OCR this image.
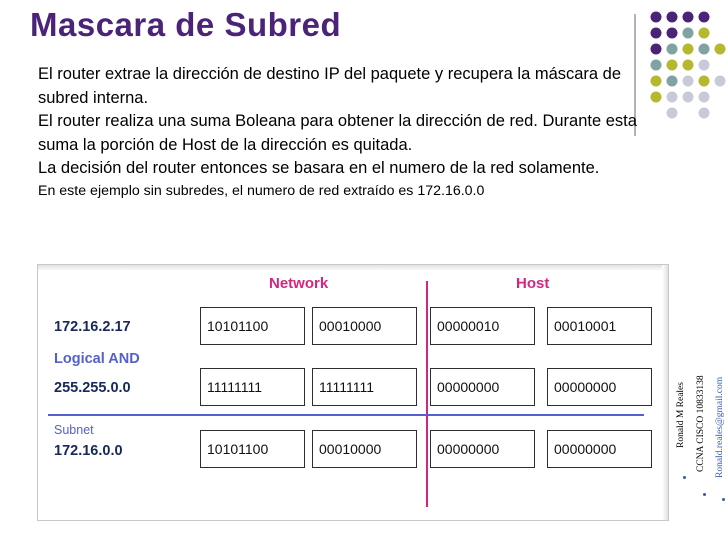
Mascara de Subred

El router extrae la dirección de destino IP del paquete y recupera la máscara de subred interna.

El router realiza una suma Boleana para obtener la dirección de red. Durante esta suma la porción de Host de la dirección es quitada.

La decisión del router entonces se basara en el numero de la red solamente.

En este ejemplo sin subredes, el numero de red extraído es 172.16.0.0

Network	Host
172.16.2.17	10101100	00010000	00000010	00010001
Logical AND
255.255.0.0	11111111	11111111	00000000	00000000
Subnet
172.16.0.0	10101100	00010000	00000000	00000000
Ronald M Reales CCNA CISCO 10833138 Ronald.reales@gmail.com
